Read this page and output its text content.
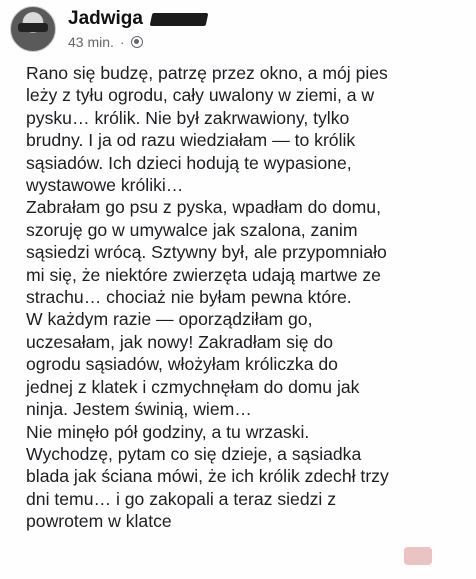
Jadwiga
43 min. ·
Rano się budzę, patrzę przez okno, a mój pies
leży z tyłu ogrodu, cały uwalony w ziemi, a w
pysku… królik. Nie był zakrwawiony, tylko
brudny. I ja od razu wiedziałam — to królik
sąsiadów. Ich dzieci hodują te wypasione,
wystawowe króliki…
Zabrałam go psu z pyska, wpadłam do domu,
szoruję go w umywalce jak szalona, zanim
sąsiedzi wrócą. Sztywny był, ale przypomniało
mi się, że niektóre zwierzęta udają martwe ze
strachu… chociaż nie byłam pewna które.
W każdym razie — oporządziłam go,
uczesałam, jak nowy! Zakradłam się do
ogrodu sąsiadów, włożyłam króliczka do
jednej z klatek i czmychnęłam do domu jak
ninja. Jestem świnią, wiem…
Nie minęło pół godziny, a tu wrzaski.
Wychodzę, pytam co się dzieje, a sąsiadka
blada jak ściana mówi, że ich królik zdechł trzy
dni temu… i go zakopali a teraz siedzi z
powrotem w klatce
